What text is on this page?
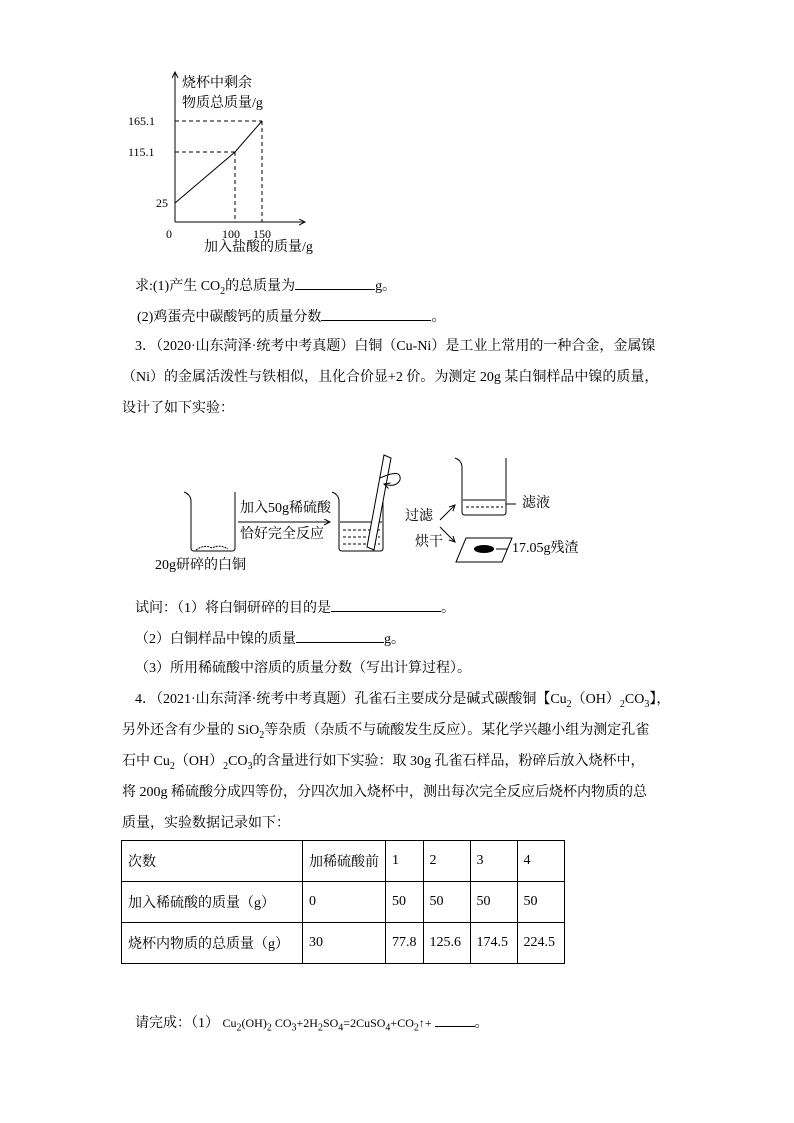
烧杯中剩余
物质总质量/g
165.1
115.1
25
0	100 150
加入盐酸的质量/g
求:(1)产生 $CO_2$的总质量为	g。
(2)鸡蛋壳中碳酸钙的质量分数	。
3．（2020·山东菏泽·统考中考真题）白铜（Cu-Ni）是工业上常用的一种合金，金属镍
（Ni）的金属活泼性与铁相似，且化合价显+2 价。为测定 20g 某白铜样品中镍的质量，
设计了如下实验：
加入50g稀硫酸
恰好完全反应
过滤
烘干
滤液
17.05g残渣
20g研碎的白铜
试问：（1）将白铜研碎的目的是	。
（2）白铜样品中镍的质量	g。
（3）所用稀硫酸中溶质的质量分数（写出计算过程）。
4．（2021·山东菏泽·统考中考真题）孔雀石主要成分是碱式碳酸铜【$Cu_2(OH)_2CO_3$】，
另外还含有少量的 SiO$_2$等杂质（杂质不与硫酸发生反应）。某化学兴趣小组为测定孔雀
石中 $Cu_2(OH)_2CO_3$的含量进行如下实验：取 30g 孔雀石样品，粉碎后放入烧杯中，
将 200g 稀硫酸分成四等份，分四次加入烧杯中，测出每次完全反应后烧杯内物质的总
质量，实验数据记录如下：
次数	加稀硫酸前	1	2	3	4
加入稀硫酸的质量（g）	0	50	50	50	50
烧杯内物质的总质量（g）	30	77.8	125.6	174.5	224.5
请完成：（1） $Cu_2(OH)_2$ $CO_3+2H_2SO_4=2CuSO_4+CO_2↑+$	。
